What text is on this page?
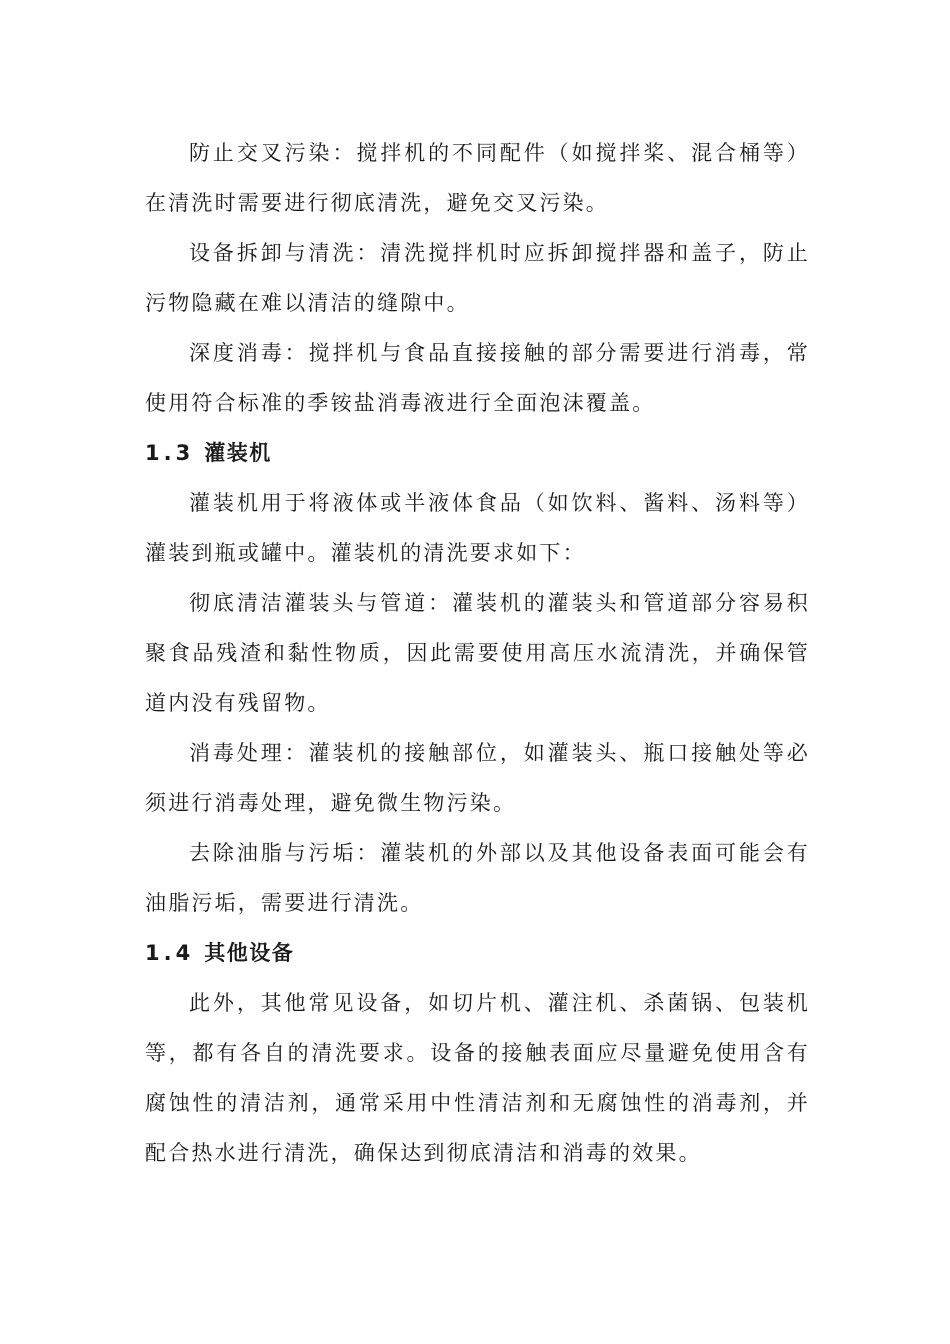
防止交叉污染：搅拌机的不同配件（如搅拌桨、混合桶等）在清洗时需要进行彻底清洗，避免交叉污染。

设备拆卸与清洗：清洗搅拌机时应拆卸搅拌器和盖子，防止污物隐藏在难以清洁的缝隙中。

深度消毒：搅拌机与食品直接接触的部分需要进行消毒，常使用符合标准的季铵盐消毒液进行全面泡沫覆盖。

1.3 灌装机

灌装机用于将液体或半液体食品（如饮料、酱料、汤料等）灌装到瓶或罐中。灌装机的清洗要求如下：

彻底清洁灌装头与管道：灌装机的灌装头和管道部分容易积聚食品残渣和黏性物质，因此需要使用高压水流清洗，并确保管道内没有残留物。

消毒处理：灌装机的接触部位，如灌装头、瓶口接触处等必须进行消毒处理，避免微生物污染。

去除油脂与污垢：灌装机的外部以及其他设备表面可能会有油脂污垢，需要进行清洗。

1.4 其他设备

此外，其他常见设备，如切片机、灌注机、杀菌锅、包装机等，都有各自的清洗要求。设备的接触表面应尽量避免使用含有腐蚀性的清洁剂，通常采用中性清洁剂和无腐蚀性的消毒剂，并配合热水进行清洗，确保达到彻底清洁和消毒的效果。
